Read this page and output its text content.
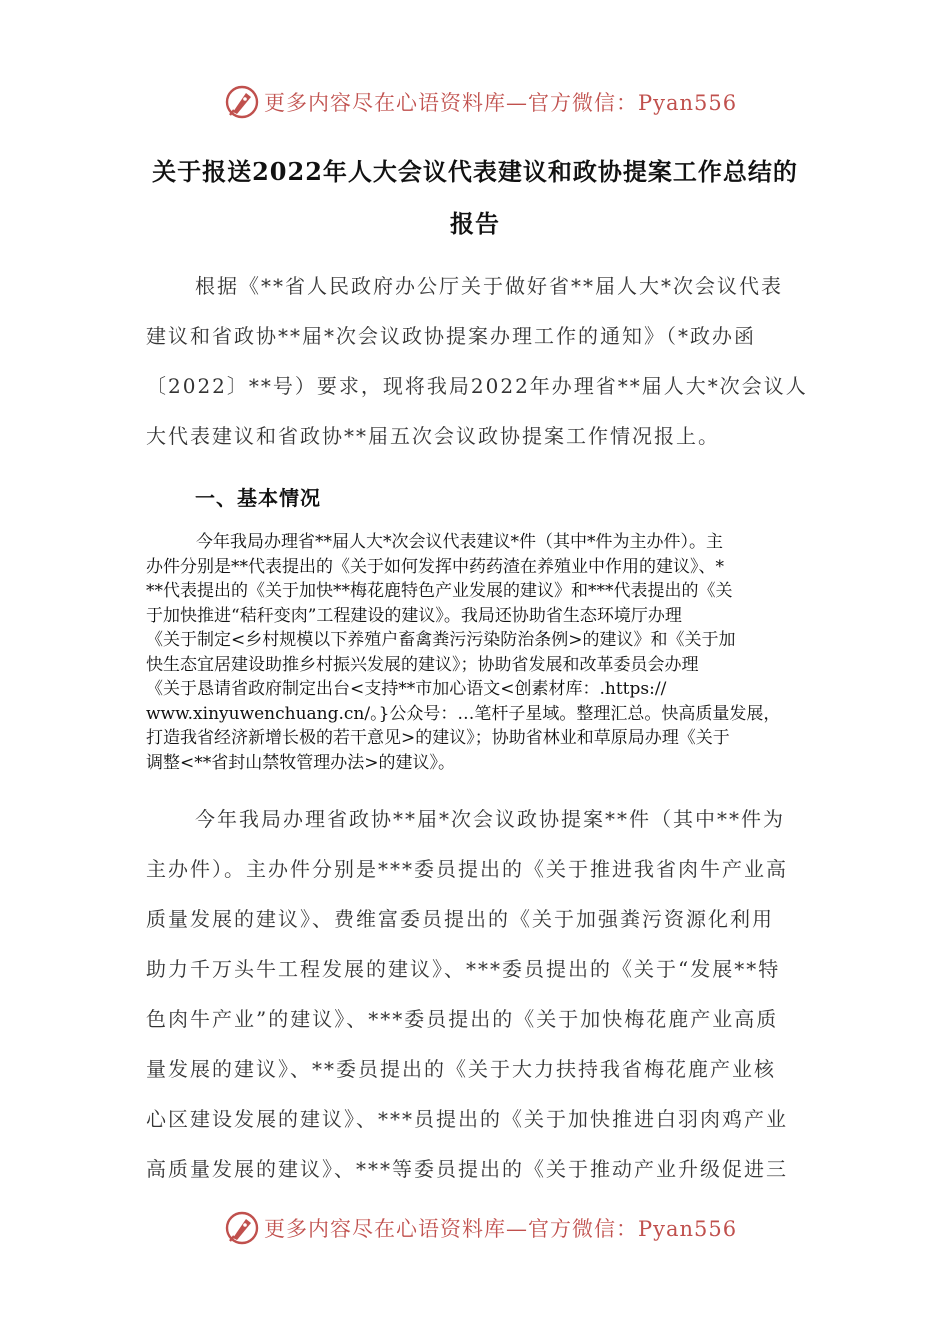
更多内容尽在心语资料库—官方微信：Pyan556
关于报送2022年人大会议代表建议和政协提案工作总结的
报告
根据《**省人民政府办公厅关于做好省**届人大*次会议代表
建议和省政协**届*次会议政协提案办理工作的通知》（*政办函
〔2022〕**号）要求，现将我局2022年办理省**届人大*次会议人
大代表建议和省政协**届五次会议政协提案工作情况报上。
一、基本情况
今年我局办理省**届人大*次会议代表建议*件（其中*件为主办件）。主
办件分别是**代表提出的《关于如何发挥中药药渣在养殖业中作用的建议》、*
**代表提出的《关于加快**梅花鹿特色产业发展的建议》和***代表提出的《关
于加快推进“秸秆变肉”工程建设的建议》。我局还协助省生态环境厅办理
《关于制定<乡村规模以下养殖户畜禽粪污污染防治条例>的建议》和《关于加
快生态宜居建设助推乡村振兴发展的建议》；协助省发展和改革委员会办理
《关于恳请省政府制定出台<支持**市加心语文<创素材库：.https://
www.xinyuwenchuang.cn/。}公众号：…笔杆子星域。整理汇总。快高质量发展，
打造我省经济新增长极的若干意见>的建议》；协助省林业和草原局办理《关于
调整<**省封山禁牧管理办法>的建议》。
今年我局办理省政协**届*次会议政协提案**件（其中**件为
主办件）。主办件分别是***委员提出的《关于推进我省肉牛产业高
质量发展的建议》、费维富委员提出的《关于加强粪污资源化利用
助力千万头牛工程发展的建议》、***委员提出的《关于“发展**特
色肉牛产业”的建议》、***委员提出的《关于加快梅花鹿产业高质
量发展的建议》、**委员提出的《关于大力扶持我省梅花鹿产业核
心区建设发展的建议》、***员提出的《关于加快推进白羽肉鸡产业
高质量发展的建议》、***等委员提出的《关于推动产业升级促进三
更多内容尽在心语资料库—官方微信：Pyan556
